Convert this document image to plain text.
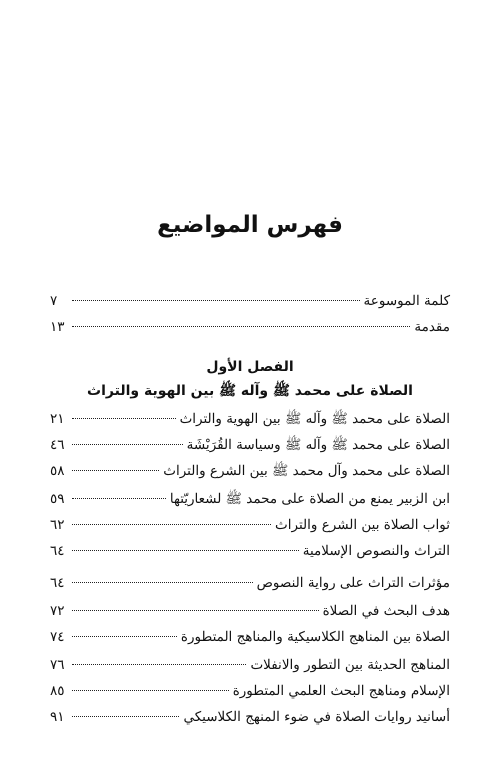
فهرس المواضيع
كلمة الموسوعة
٧
مقدمة
١٣
الفصل الأول
الصلاة على محمد ﷺ وآله ﷺ بين الهوية والتراث
الصلاة على محمد ﷺ وآله ﷺ بين الهوية والتراث
٢١
الصلاة على محمد ﷺ وآله ﷺ وسياسة القُرَيْشَة
٤٦
الصلاة على محمد وآل محمد ﷺ بين الشرع والتراث
٥٨
ابن الزبير يمنع من الصلاة على محمد ﷺ لشعاريّتها
٥٩
ثواب الصلاة بين الشرع والتراث
٦٢
التراث والنصوص الإسلامية
٦٤
مؤثرات التراث على رواية النصوص
٦٤
هدف البحث في الصلاة
٧٢
الصلاة بين المناهج الكلاسيكية والمناهج المتطورة
٧٤
المناهج الحديثة بين التطور والانفلات
٧٦
الإسلام ومناهج البحث العلمي المتطورة
٨٥
أسانيد روايات الصلاة في ضوء المنهج الكلاسيكي
٩١
